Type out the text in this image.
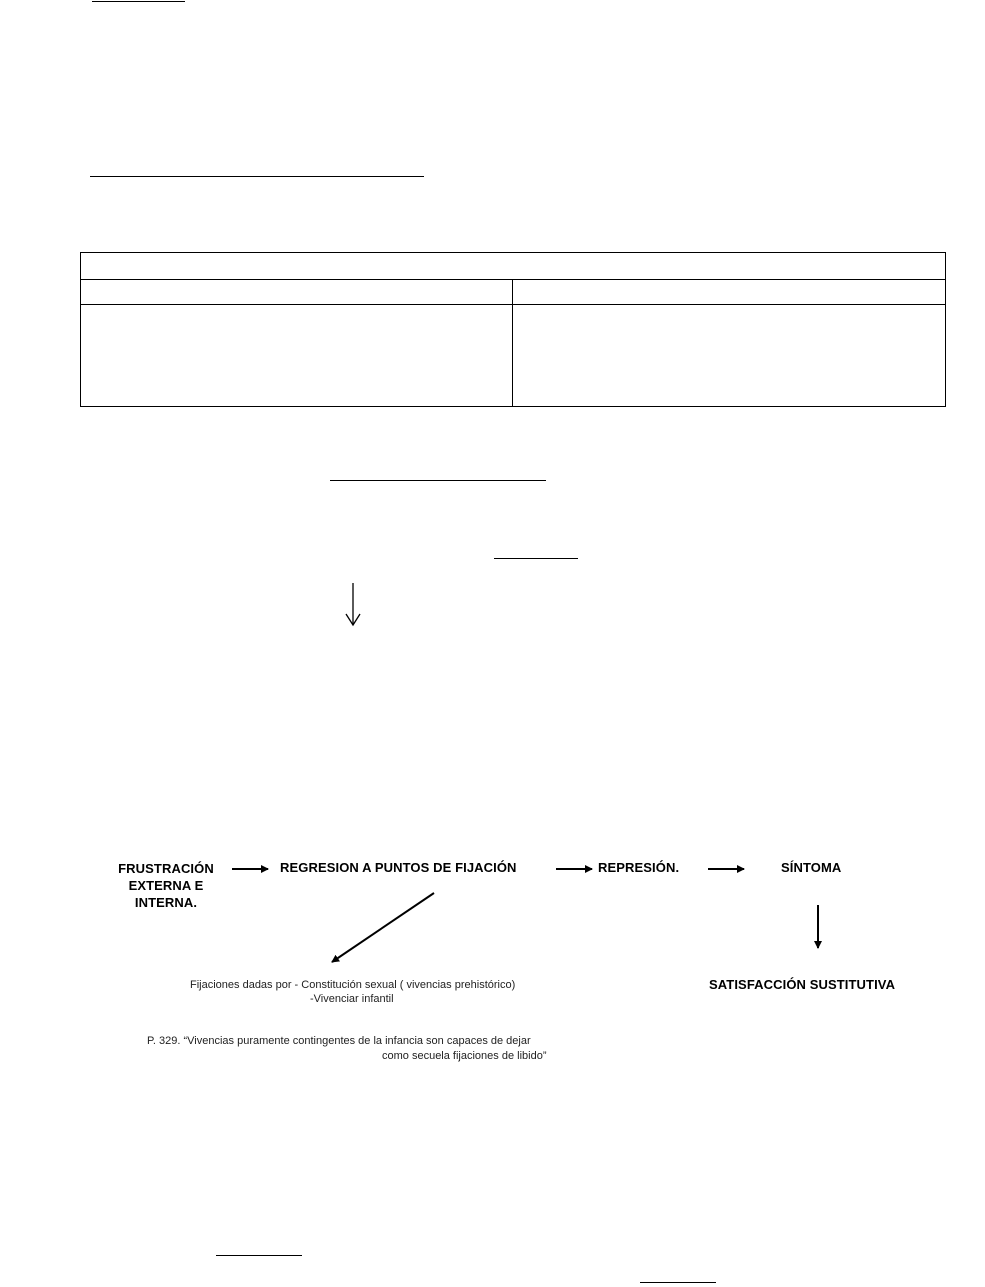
FRUSTRACIÓN
EXTERNA E
INTERNA.
REGRESION A PUNTOS DE FIJACIÓN	REPRESIÓN.	SÍNTOMA
SATISFACCIÓN SUSTITUTIVA
Fijaciones dadas por - Constitución sexual ( vivencias prehistórico)
-Vivenciar infantil
P. 329. “Vivencias puramente contingentes de la infancia son capaces de dejar
como secuela fijaciones de libido”
